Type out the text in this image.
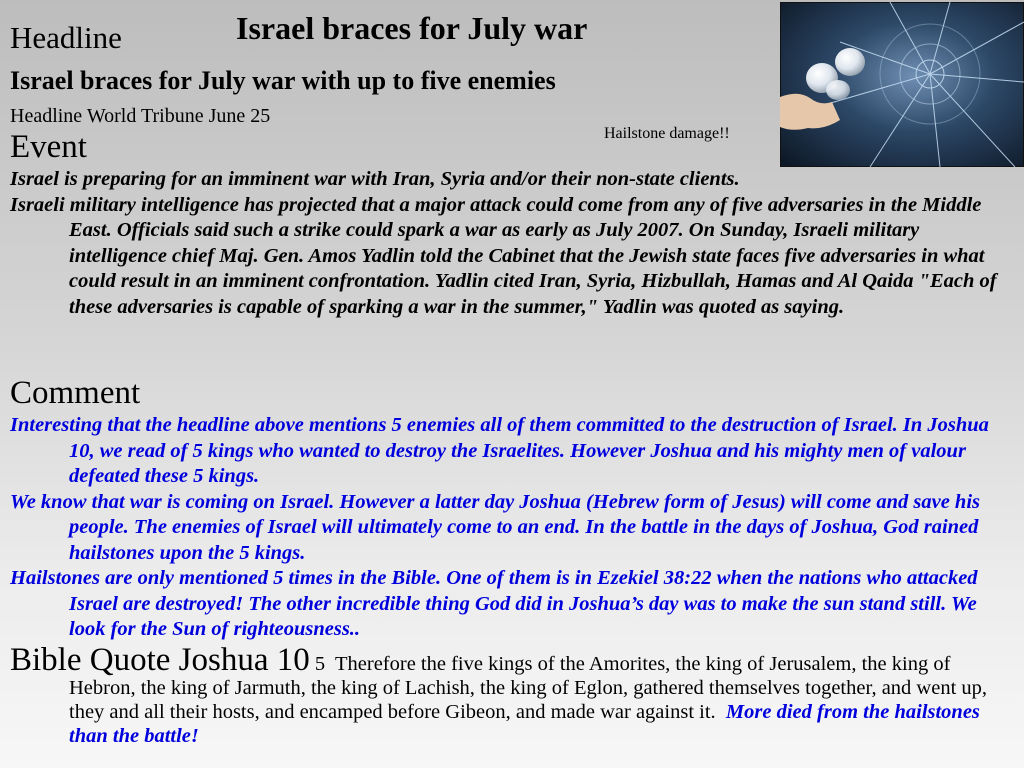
Headline	Israel braces for July war
Israel braces for July war with up to five enemies
Headline World Tribune June 25
Hailstone damage!!
Event

Israel is preparing for an imminent war with Iran, Syria and/or their non-state clients.

Israeli military intelligence has projected that a major attack could come from any of five adversaries in the Middle East. Officials said such a strike could spark a war as early as July 2007. On Sunday, Israeli military intelligence chief Maj. Gen. Amos Yadlin told the Cabinet that the Jewish state faces five adversaries in what could result in an imminent confrontation. Yadlin cited Iran, Syria, Hizbullah, Hamas and Al Qaida "Each of these adversaries is capable of sparking a war in the summer," Yadlin was quoted as saying.

Comment

Interesting that the headline above mentions 5 enemies all of them committed to the destruction of Israel. In Joshua 10, we read of 5 kings who wanted to destroy the Israelites. However Joshua and his mighty men of valour defeated these 5 kings.

We know that war is coming on Israel. However a latter day Joshua (Hebrew form of Jesus) will come and save his people. The enemies of Israel will ultimately come to an end. In the battle in the days of Joshua, God rained hailstones upon the 5 kings.

Hailstones are only mentioned 5 times in the Bible. One of them is in Ezekiel 38:22 when the nations who attacked Israel are destroyed! The other incredible thing God did in Joshua’s day was to make the sun stand still. We look for the Sun of righteousness..

Bible Quote Joshua 10 5 Therefore the five kings of the Amorites, the king of Jerusalem, the king of Hebron, the king of Jarmuth, the king of Lachish, the king of Eglon, gathered themselves together, and went up, they and all their hosts, and encamped before Gibeon, and made war against it. More died from the hailstones than the battle!
